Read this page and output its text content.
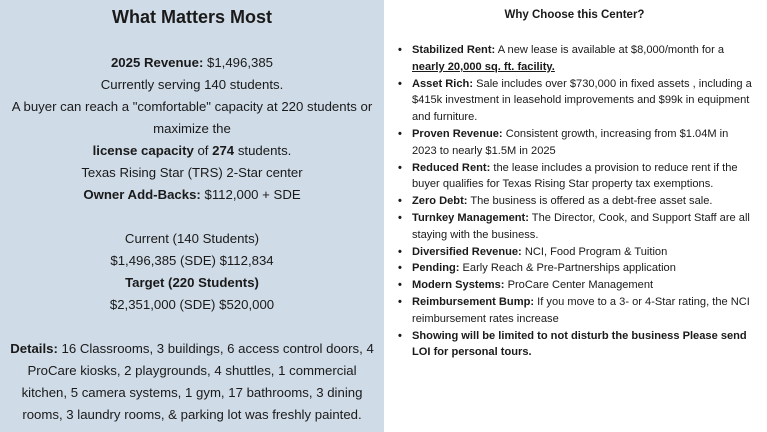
What Matters Most

2025 Revenue: $1,496,385

Currently serving 140 students.

A buyer can reach a "comfortable" capacity at 220 students or maximize the

license capacity of 274 students.

Texas Rising Star (TRS) 2-Star center

Owner Add-Backs: $112,000 + SDE

Current (140 Students)

$1,496,385 (SDE) $112,834

Target (220 Students)

$2,351,000 (SDE) $520,000

Details: 16 Classrooms, 3 buildings, 6 access control doors, 4 ProCare kiosks, 2 playgrounds, 4 shuttles, 1 commercial kitchen, 5 camera systems, 1 gym, 17 bathrooms, 3 dining rooms, 3 laundry rooms, & parking lot was freshly painted.
Why Choose this Center?
• Stabilized Rent: A new lease is available at $8,000/month for a nearly 20,000 sq. ft. facility.
• Asset Rich: Sale includes over $730,000 in fixed assets , including a $415k investment in leasehold improvements and $99k in equipment and furniture.
• Proven Revenue: Consistent growth, increasing from $1.04M in 2023 to nearly $1.5M in 2025
• Reduced Rent: the lease includes a provision to reduce rent if the buyer qualifies for Texas Rising Star property tax exemptions.
• Zero Debt: The business is offered as a debt-free asset sale.
• Turnkey Management: The Director, Cook, and Support Staff are all staying with the business.
• Diversified Revenue: NCI, Food Program & Tuition
• Pending: Early Reach & Pre-Partnerships application
• Modern Systems: ProCare Center Management
• Reimbursement Bump: If you move to a 3- or 4-Star rating, the NCI reimbursement rates increase
• Showing will be limited to not disturb the business Please send LOI for personal tours.
